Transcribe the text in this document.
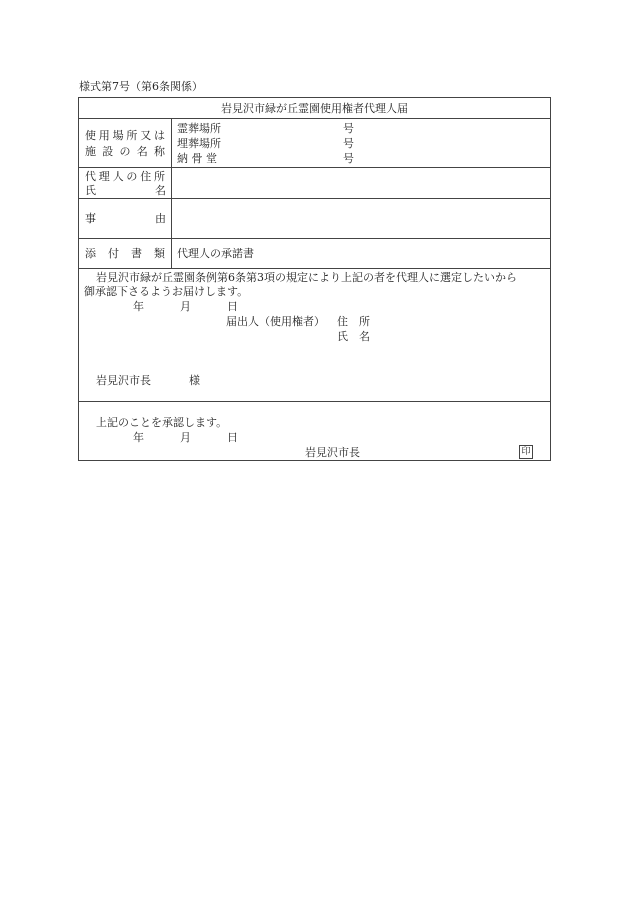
様式第7号（第6条関係）
岩見沢市緑が丘霊園使用権者代理人届
使 用 場 所 又 は
施 設 の 名 称
霊葬場所	号
埋葬場所	号
納 骨 堂	号
代 理 人 の 住 所
氏	名
事	由
添 付 書 類 代理人の承諾書
岩見沢市緑が丘霊園条例第6条第3項の規定により上記の者を代理人に選定したいから
御承認下さるようお届けします。
年	月	日
届出人（使用権者） 住　所
氏　名
岩見沢市長	様
上記のことを承認します。
年	月	日
岩見沢市長	印
